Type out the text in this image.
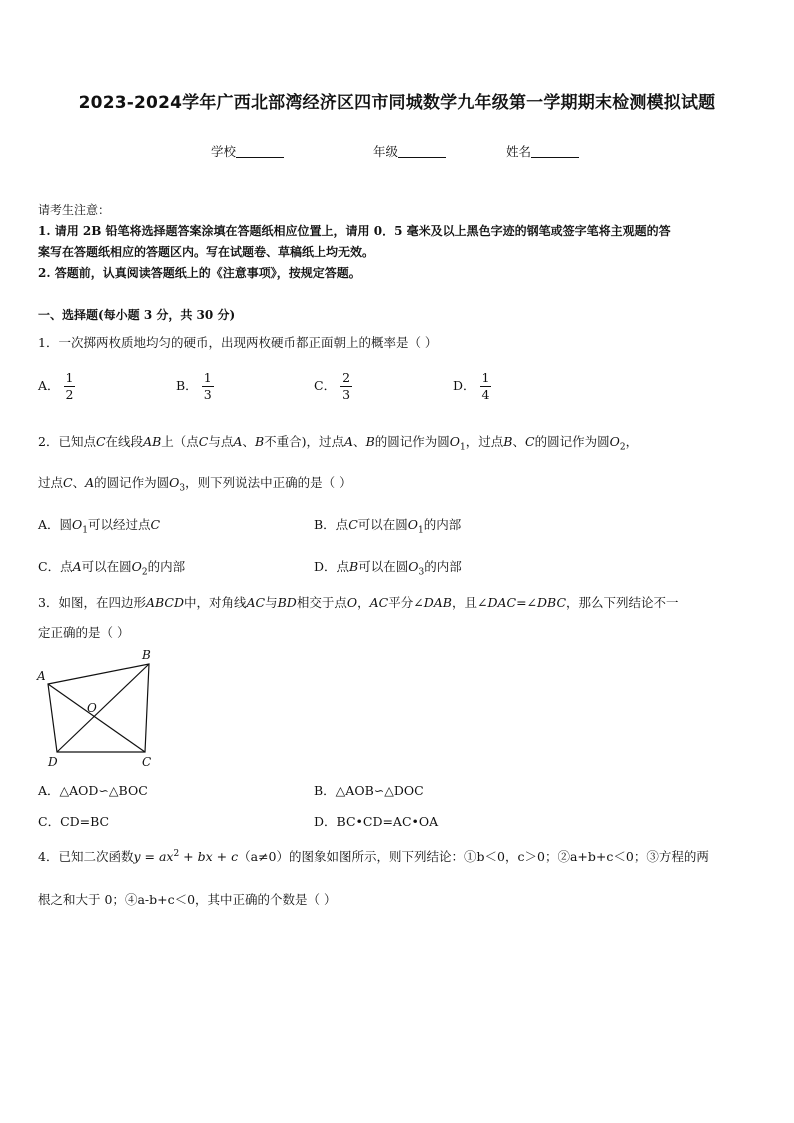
2023-2024学年广西北部湾经济区四市同城数学九年级第一学期期末检测模拟试题
学校	年级	姓名
请考生注意：
1. 请用 2B 铅笔将选择题答案涂填在答题纸相应位置上，请用 0．5 毫米及以上黑色字迹的钢笔或签字笔将主观题的答
案写在答题纸相应的答题区内。写在试题卷、草稿纸上均无效。
2. 答题前，认真阅读答题纸上的《注意事项》，按规定答题。
一、选择题(每小题 3 分，共 30 分)
1．一次掷两枚质地均匀的硬币，出现两枚硬币都正面朝上的概率是（ ）
A． $\frac{1}{2}$	B． $\frac{1}{3}$	C． $\frac{2}{3}$	D． $\frac{1}{4}$
2．已知点C在线段AB上（点C与点A、B不重合)，过点A、B的圆记作为圆$O_1$，过点B、C的圆记作为圆$O_2$，
过点C、A的圆记作为圆$O_3$，则下列说法中正确的是（ ）
A．圆$O_1$可以经过点C	B．点C可以在圆$O_1$的内部
C．点A可以在圆$O_2$的内部	D．点B可以在圆$O_3$的内部
3．如图，在四边形ABCD中，对角线AC与BD相交于点O，AC平分∠DAB，且∠DAC=∠DBC，那么下列结论不一
定正确的是（ ）
A
B
C
D
O
A．△AOD∽△BOC	B．△AOB∽△DOC
C．CD=BC	D．BC•CD=AC•OA
4．已知二次函数$y = ax^2$ + bx + c（a≠0）的图象如图所示，则下列结论：①b＜0，c＞0；②a+b+c＜0；③方程的两
根之和大于 0；④a-b+c＜0，其中正确的个数是（ ）
